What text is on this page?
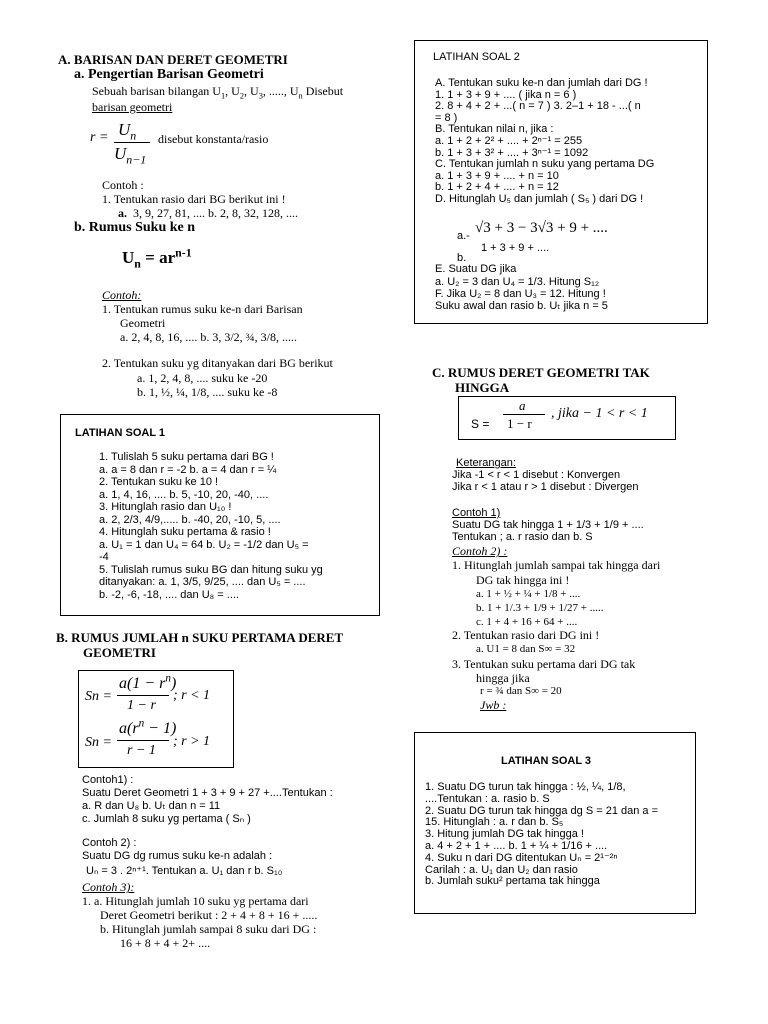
A. BARISAN DAN DERET GEOMETRI
a. Pengertian Barisan Geometri
Sebuah barisan bilangan $U_1$, $U_2$, $U_3$, ....., $U_n$ Disebut
barisan geometri
$r = U_n$
$U_{n-1}$
disebut konstanta/rasio
Contoh :
1. Tentukan rasio dari BG berikut ini !
a. 3, 9, 27, 81, .... b. 2, 8, 32, 128, ....
b. Rumus Suku ke n
$U_n = ar^{n-1}$
Contoh:
1. Tentukan rumus suku ke-n dari Barisan
Geometri
a. 2, 4, 8, 16, .... b. 3, 3/2, ¾, 3/8, .....
2. Tentukan suku yg ditanyakan dari BG berikut
a. 1, 2, 4, 8, .... suku ke -20
b. 1, ½, ¼, 1/8, .... suku ke -8
LATIHAN SOAL 1
1. Tulislah 5 suku pertama dari BG !
a. a = 8 dan r = -2 b. a = 4 dan r = ¼
2. Tentukan suku ke 10 !
a. 1, 4, 16, .... b. 5, -10, 20, -40, ....
3. Hitunglah rasio dan U₁₀ !
a. 2, 2/3, 4/9,..... b. -40, 20, -10, 5, ....
4. Hitunglah suku pertama & rasio !
a. U₁ = 1 dan U₄ = 64 b. U₂ = -1/2 dan U₅ =
-4
5. Tulislah rumus suku BG dan hitung suku yg
ditanyakan: a. 1, 3/5, 9/25, .... dan U₅ = ....
b. -2, -6, -18, .... dan U₈ = ....
B. RUMUS JUMLAH n SUKU PERTAMA DERET
GEOMETRI
Sn =
$a(1 - r^n)$
1 − r
; r < 1
Sn =
$a(r^n - 1)$
r − 1
; r > 1
Contoh1) :
Suatu Deret Geometri 1 + 3 + 9 + 27 +....Tentukan :
a. R dan U₈ b. Uₜ dan n = 11
c. Jumlah 8 suku yg pertama ( Sₙ )
Contoh 2) :
Suatu DG dg rumus suku ke-n adalah :
Uₙ = 3 . 2ⁿ⁺¹. Tentukan a. U₁ dan r b. S₁₀
Contoh 3):
1. a. Hitunglah jumlah 10 suku yg pertama dari
Deret Geometri berikut : 2 + 4 + 8 + 16 + .....
b. Hitunglah jumlah sampai 8 suku dari DG :
16 + 8 + 4 + 2+ ....
LATIHAN SOAL 2
A. Tentukan suku ke-n dan jumlah dari DG !
1. 1 + 3 + 9 + .... ( jika n = 6 )
2. 8 + 4 + 2 + ...( n = 7 ) 3. 2–1 + 18 - ...( n
= 8 )
B. Tentukan nilai n, jika :
a. 1 + 2 + 2² + .... + 2ⁿ⁻¹ = 255
b. 1 + 3 + 3² + .... + 3ⁿ⁻¹ = 1092
C. Tentukan jumlah n suku yang pertama DG
a. 1 + 3 + 9 + .... + n = 10
b. 1 + 2 + 4 + .... + n = 12
D. Hitunglah U₅ dan jumlah ( S₅ ) dari DG !
a.- √3 + 3 − 3√3 + 9 + ....
1 + 3 + 9 + ....
b.
E. Suatu DG jika
a. U₂ = 3 dan U₄ = 1/3. Hitung S₁₂
F. Jika U₂ = 8 dan U₃ = 12. Hitung !
Suku awal dan rasio b. Uₜ jika n = 5
C. RUMUS DERET GEOMETRI TAK
HINGGA
S =
a
1 − r
, jika − 1 < r < 1
Keterangan:
Jika -1 < r < 1 disebut : Konvergen
Jika r < 1 atau r > 1 disebut : Divergen
Contoh 1)
Suatu DG tak hingga 1 + 1/3 + 1/9 + ....
Tentukan ; a. r rasio dan b. S
Contoh 2) :
1. Hitunglah jumlah sampai tak hingga dari
DG tak hingga ini !
a. 1 + ½ + ¼ + 1/8 + ....
b. 1 + 1/.3 + 1/9 + 1/27 + .....
c. 1 + 4 + 16 + 64 + ....
2. Tentukan rasio dari DG ini !
a. U1 = 8 dan S∞ = 32
3. Tentukan suku pertama dari DG tak
hingga jika
r = ¾ dan S∞ = 20
Jwb :
LATIHAN SOAL 3
1. Suatu DG turun tak hingga : ½, ¼, 1/8,
....Tentukan : a. rasio b. S
2. Suatu DG turun tak hingga dg S = 21 dan a =
15. Hitunglah : a. r dan b. S₅
3. Hitung jumlah DG tak hingga !
a. 4 + 2 + 1 + .... b. 1 + ¼ + 1/16 + ....
4. Suku n dari DG ditentukan Uₙ = 2¹⁻²ⁿ
Carilah : a. U₁ dan U₂ dan rasio
b. Jumlah suku² pertama tak hingga
